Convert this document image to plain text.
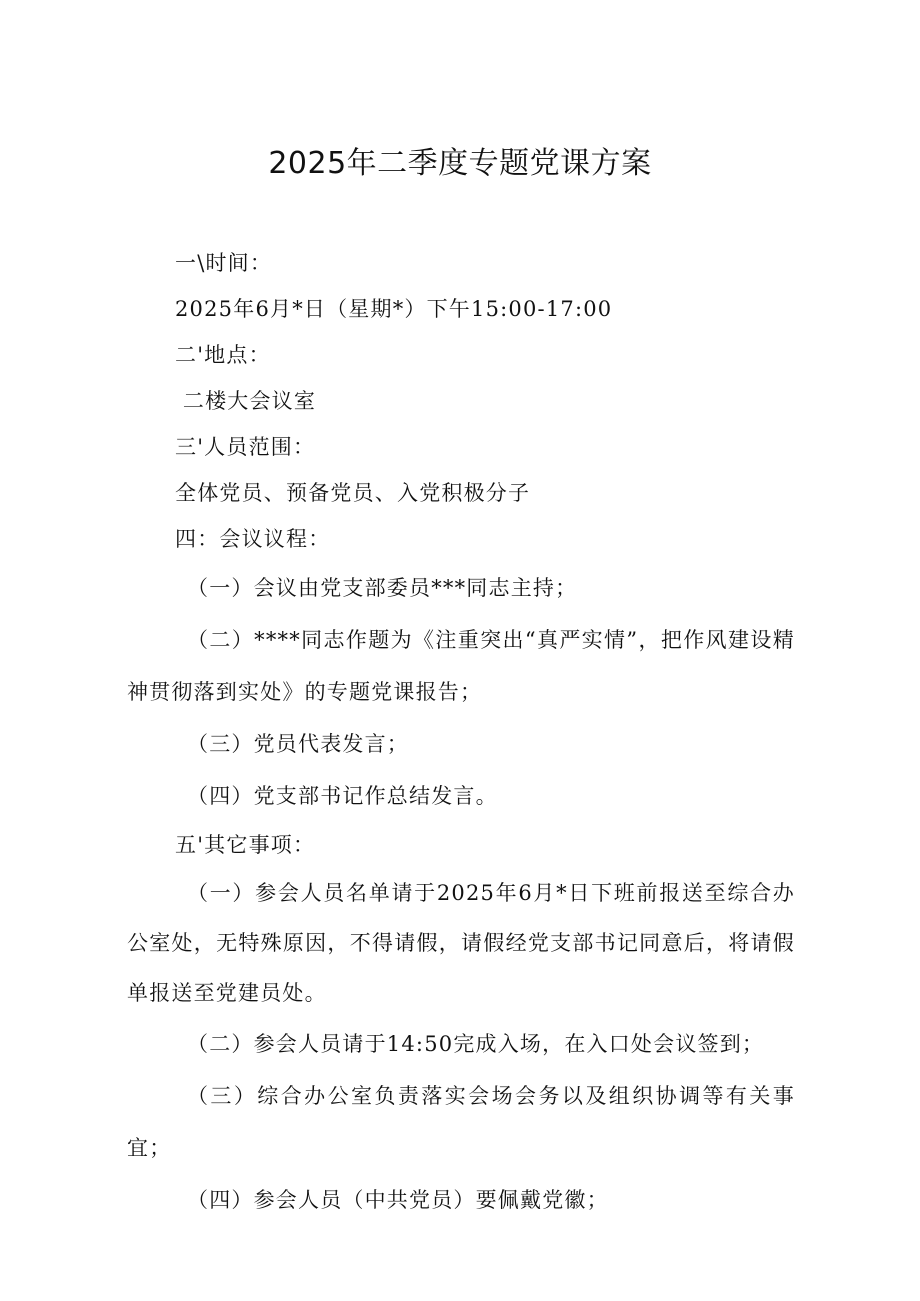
2025年二季度专题党课方案
一\时间：
2025年6月*日（星期*）下午15:00-17:00
二'地点：
二楼大会议室
三'人员范围：
全体党员、预备党员、入党积极分子
四：会议议程：
（一）会议由党支部委员***同志主持；
（二）****同志作题为《注重突出“真严实情”，把作风建设精神贯彻落到实处》的专题党课报告；
（三）党员代表发言；
（四）党支部书记作总结发言。
五'其它事项：
（一）参会人员名单请于2025年6月*日下班前报送至综合办公室处，无特殊原因，不得请假，请假经党支部书记同意后，将请假单报送至党建员处。
（二）参会人员请于14:50完成入场，在入口处会议签到；
（三）综合办公室负责落实会场会务以及组织协调等有关事宜；
（四）参会人员（中共党员）要佩戴党徽；
